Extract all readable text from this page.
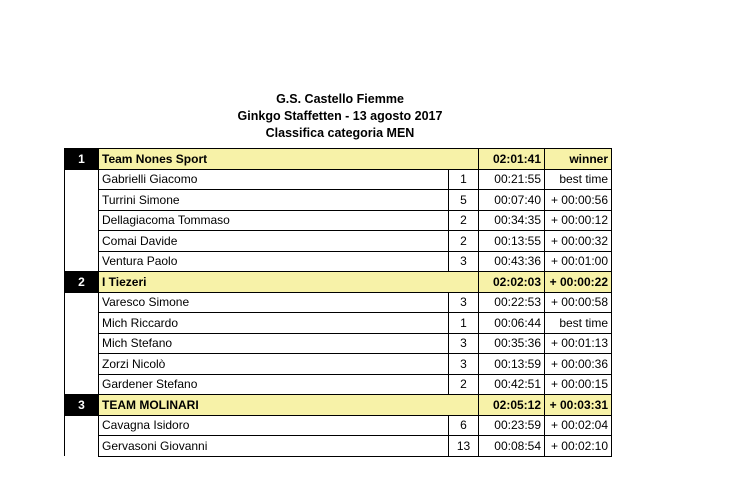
G.S. Castello Fiemme
Ginkgo Staffetten - 13 agosto 2017
Classifica categoria MEN
1	Team Nones Sport		02:01:41	winner
	Gabrielli Giacomo	1	00:21:55	best time
	Turrini Simone	5	00:07:40	+ 00:00:56
	Dellagiacoma Tommaso	2	00:34:35	+ 00:00:12
	Comai Davide	2	00:13:55	+ 00:00:32
	Ventura Paolo	3	00:43:36	+ 00:01:00
2	I Tiezeri		02:02:03	+ 00:00:22
	Varesco Simone	3	00:22:53	+ 00:00:58
	Mich Riccardo	1	00:06:44	best time
	Mich Stefano	3	00:35:36	+ 00:01:13
	Zorzi Nicolò	3	00:13:59	+ 00:00:36
	Gardener Stefano	2	00:42:51	+ 00:00:15
3	TEAM MOLINARI		02:05:12	+ 00:03:31
	Cavagna Isidoro	6	00:23:59	+ 00:02:04
	Gervasoni Giovanni	13	00:08:54	+ 00:02:10
